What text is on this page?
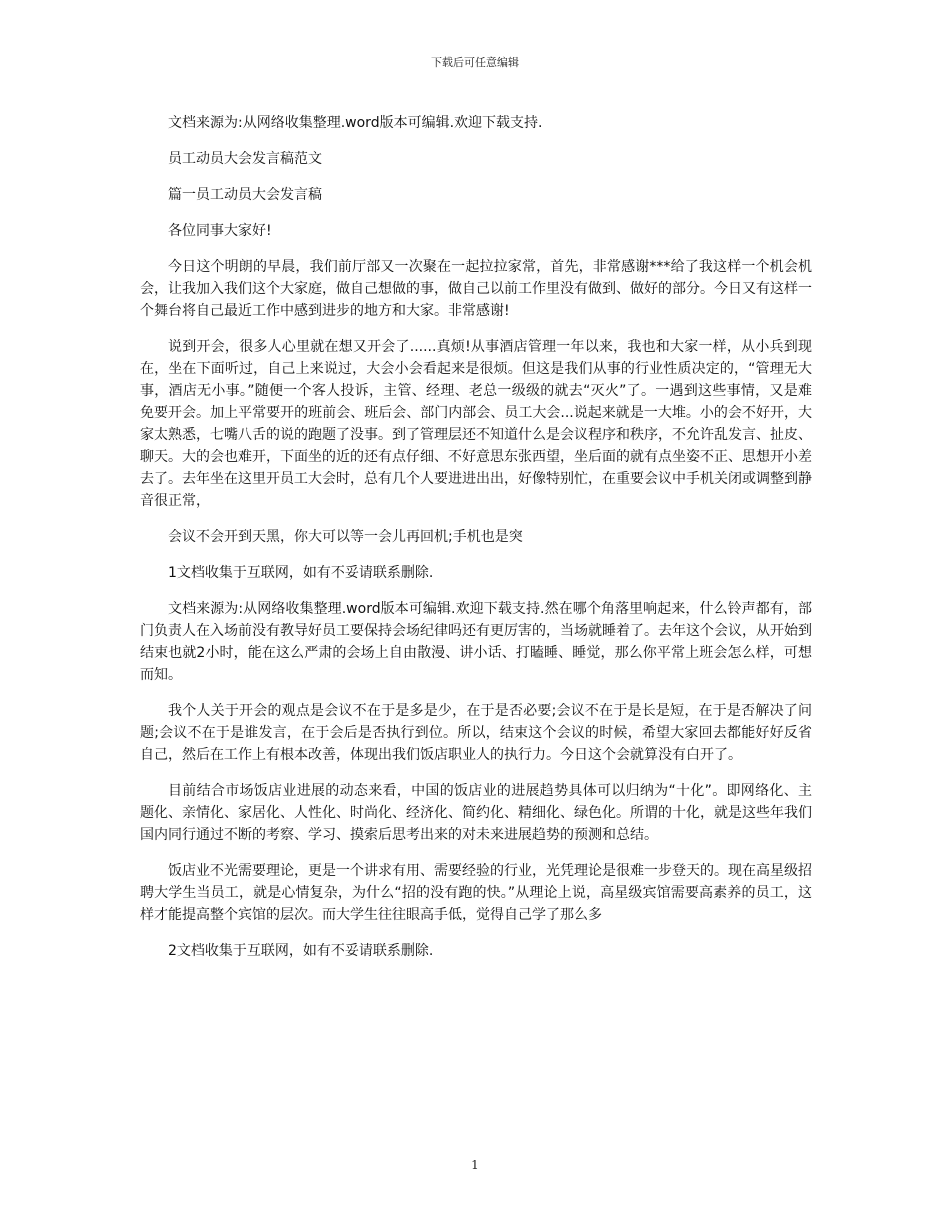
下载后可任意编辑

文档来源为:从网络收集整理.word版本可编辑.欢迎下载支持.

员工动员大会发言稿范文

篇一员工动员大会发言稿

各位同事大家好!

今日这个明朗的早晨，我们前厅部又一次聚在一起拉拉家常，首先，非常感谢***给了我这样一个机会机会，让我加入我们这个大家庭，做自己想做的事，做自己以前工作里没有做到、做好的部分。今日又有这样一个舞台将自己最近工作中感到进步的地方和大家。非常感谢!

说到开会，很多人心里就在想又开会了......真烦!从事酒店管理一年以来，我也和大家一样，从小兵到现在，坐在下面听过，自己上来说过，大会小会看起来是很烦。但这是我们从事的行业性质决定的，“管理无大事，酒店无小事。”随便一个客人投诉，主管、经理、老总一级级的就去“灭火”了。一遇到这些事情，又是难免要开会。加上平常要开的班前会、班后会、部门内部会、员工大会...说起来就是一大堆。小的会不好开，大家太熟悉，七嘴八舌的说的跑题了没事。到了管理层还不知道什么是会议程序和秩序，不允许乱发言、扯皮、聊天。大的会也难开，下面坐的近的还有点仔细、不好意思东张西望，坐后面的就有点坐姿不正、思想开小差去了。去年坐在这里开员工大会时，总有几个人要进进出出，好像特别忙，在重要会议中手机关闭或调整到静音很正常，

会议不会开到天黑，你大可以等一会儿再回机;手机也是突

1文档收集于互联网，如有不妥请联系删除.

文档来源为:从网络收集整理.word版本可编辑.欢迎下载支持.然在哪个角落里响起来，什么铃声都有，部门负责人在入场前没有教导好员工要保持会场纪律吗还有更厉害的，当场就睡着了。去年这个会议，从开始到结束也就2小时，能在这么严肃的会场上自由散漫、讲小话、打瞌睡、睡觉，那么你平常上班会怎么样，可想而知。

我个人关于开会的观点是会议不在于是多是少，在于是否必要;会议不在于是长是短，在于是否解决了问题;会议不在于是谁发言，在于会后是否执行到位。所以，结束这个会议的时候，希望大家回去都能好好反省自己，然后在工作上有根本改善，体现出我们饭店职业人的执行力。今日这个会就算没有白开了。

目前结合市场饭店业进展的动态来看，中国的饭店业的进展趋势具体可以归纳为“十化”。即网络化、主题化、亲情化、家居化、人性化、时尚化、经济化、简约化、精细化、绿色化。所谓的十化，就是这些年我们国内同行通过不断的考察、学习、摸索后思考出来的对未来进展趋势的预测和总结。

饭店业不光需要理论，更是一个讲求有用、需要经验的行业，光凭理论是很难一步登天的。现在高星级招聘大学生当员工，就是心情复杂，为什么“招的没有跑的快。”从理论上说，高星级宾馆需要高素养的员工，这样才能提高整个宾馆的层次。而大学生往往眼高手低，觉得自己学了那么多

2文档收集于互联网，如有不妥请联系删除.

1
